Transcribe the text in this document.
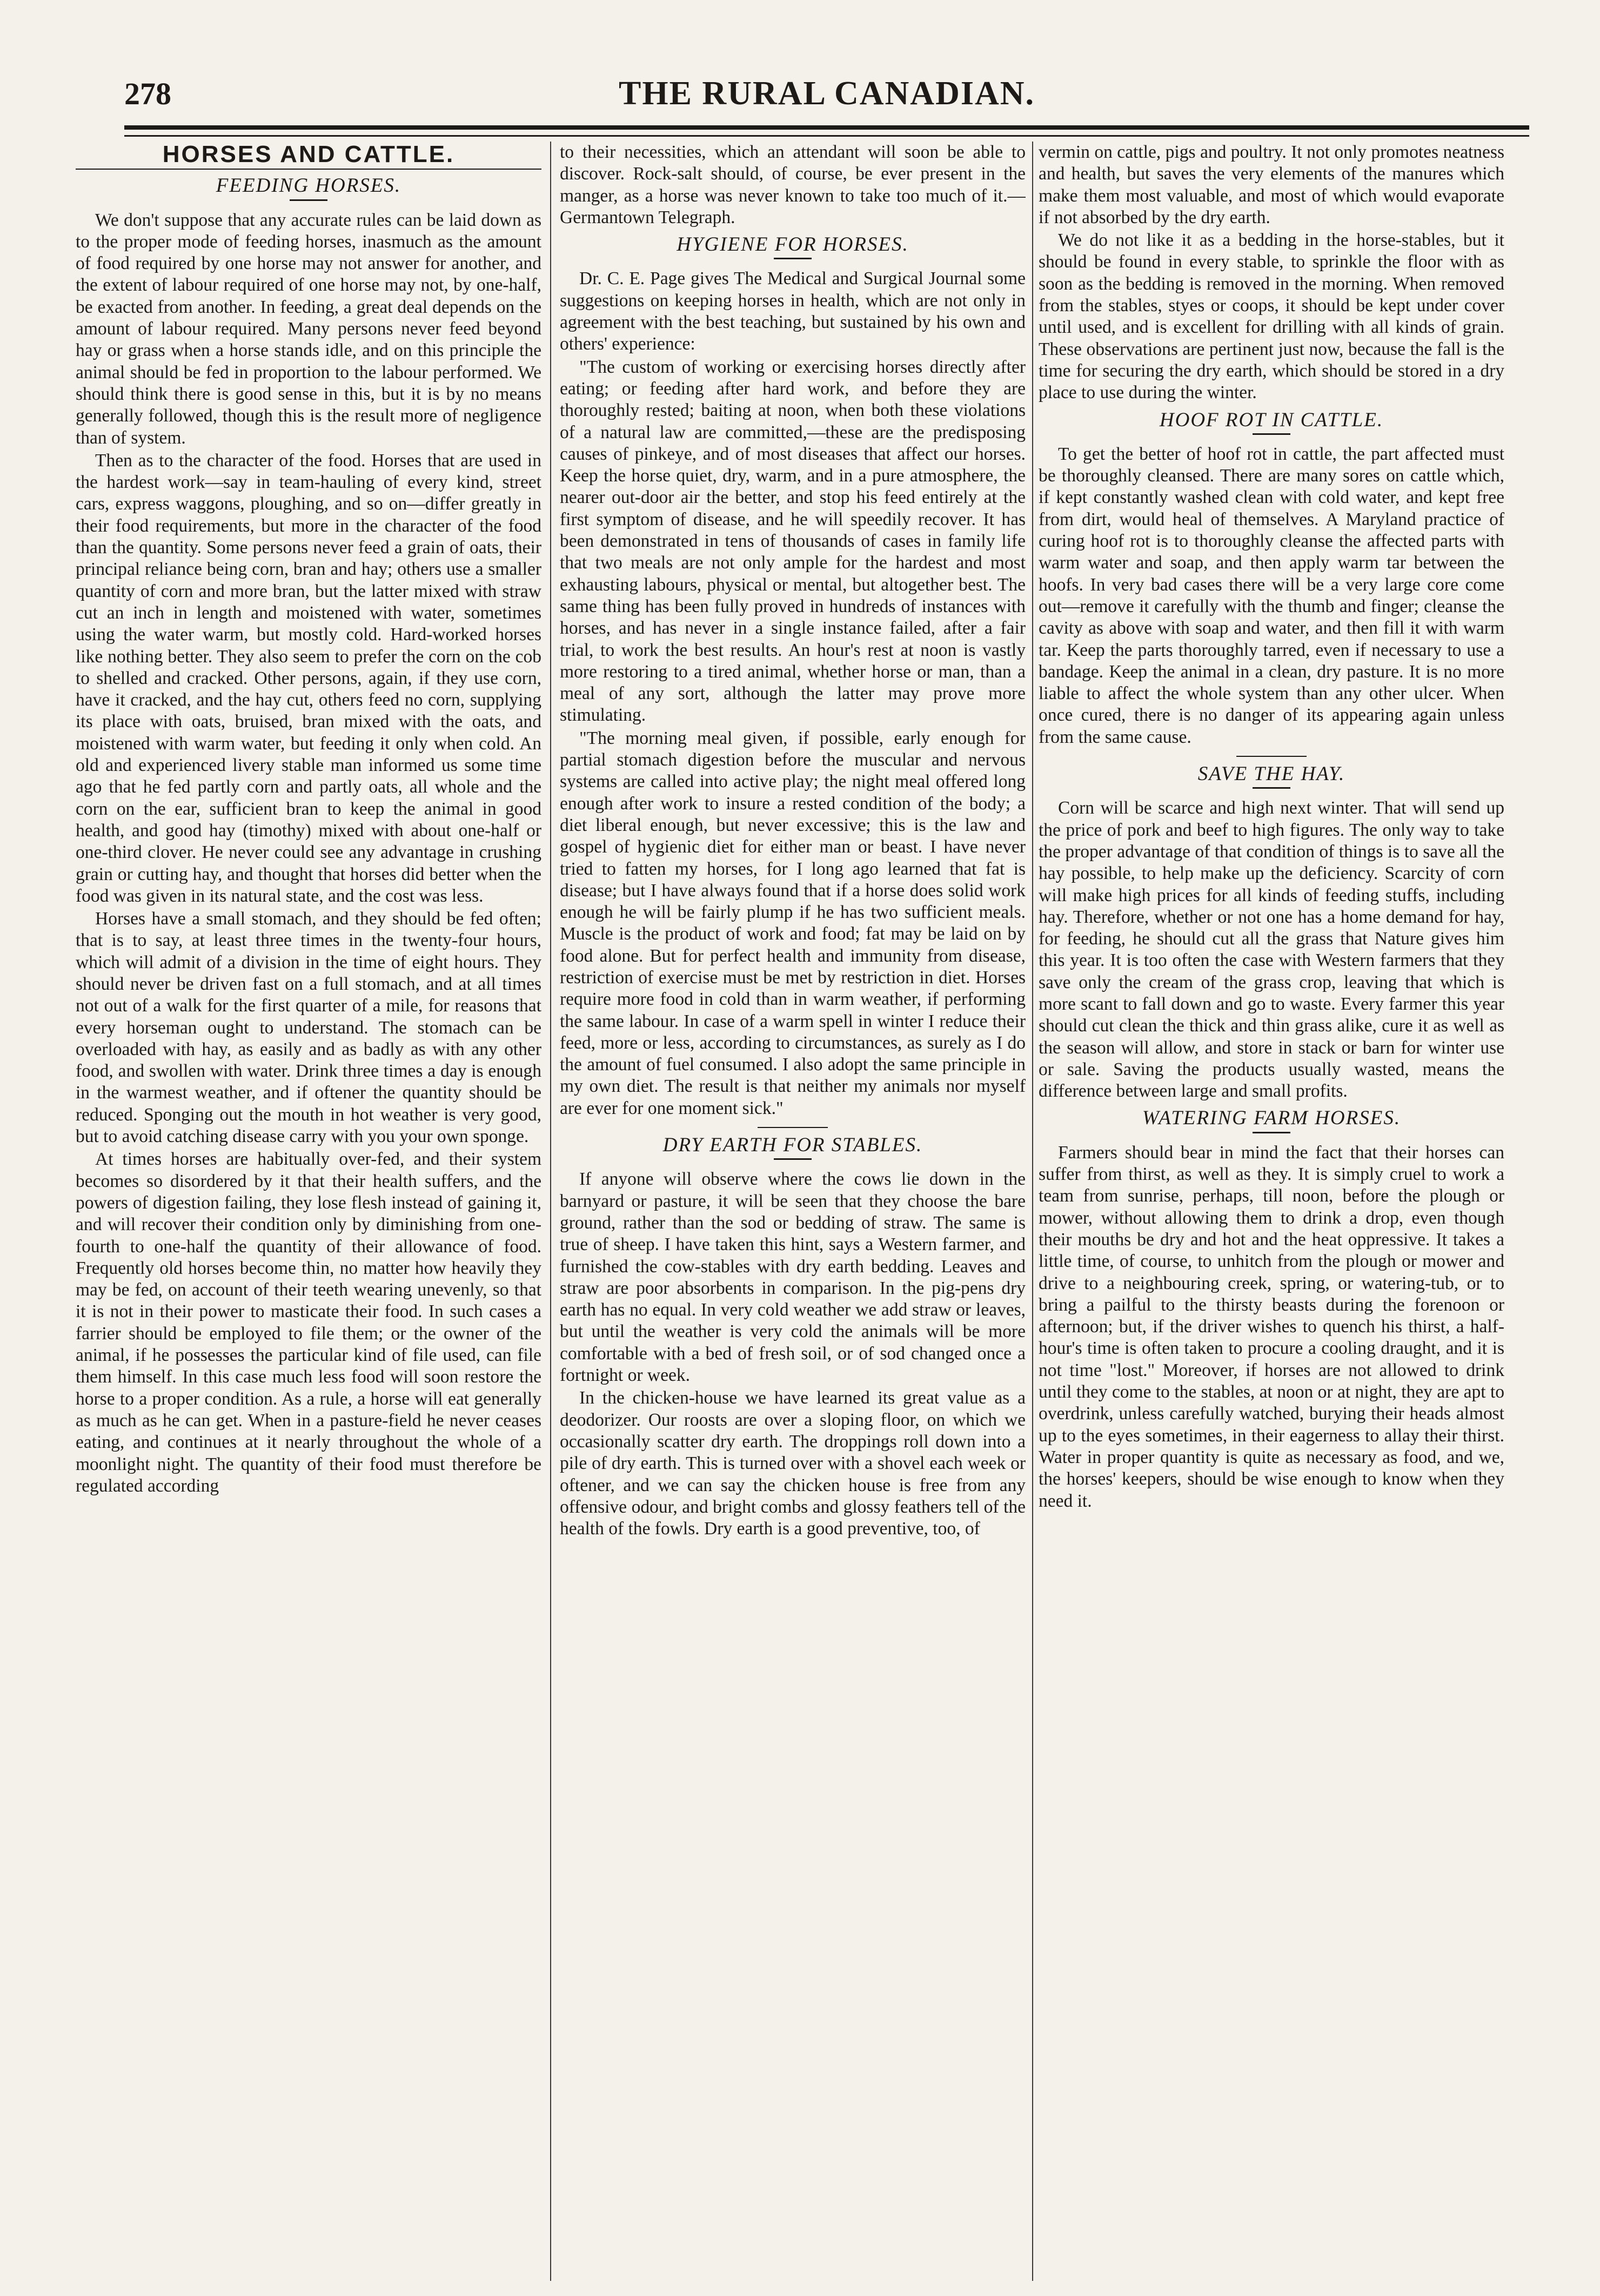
278	THE RURAL CANADIAN.
HORSES AND CATTLE.
FEEDING HORSES.

We don't suppose that any accurate rules can be laid down as to the proper mode of feeding horses, inasmuch as the amount of food required by one horse may not answer for another, and the extent of labour required of one horse may not, by one-half, be exacted from another. In feeding, a great deal depends on the amount of labour required. Many persons never feed beyond hay or grass when a horse stands idle, and on this principle the animal should be fed in proportion to the labour performed. We should think there is good sense in this, but it is by no means generally followed, though this is the result more of negligence than of system.

Then as to the character of the food. Horses that are used in the hardest work—say in team-hauling of every kind, street cars, express waggons, ploughing, and so on—differ greatly in their food requirements, but more in the character of the food than the quantity. Some persons never feed a grain of oats, their principal reliance being corn, bran and hay; others use a smaller quantity of corn and more bran, but the latter mixed with straw cut an inch in length and moistened with water, sometimes using the water warm, but mostly cold. Hard-worked horses like nothing better. They also seem to prefer the corn on the cob to shelled and cracked. Other persons, again, if they use corn, have it cracked, and the hay cut, others feed no corn, supplying its place with oats, bruised, bran mixed with the oats, and moistened with warm water, but feeding it only when cold. An old and experienced livery stable man informed us some time ago that he fed partly corn and partly oats, all whole and the corn on the ear, sufficient bran to keep the animal in good health, and good hay (timothy) mixed with about one-half or one-third clover. He never could see any advantage in crushing grain or cutting hay, and thought that horses did better when the food was given in its natural state, and the cost was less.

Horses have a small stomach, and they should be fed often; that is to say, at least three times in the twenty-four hours, which will admit of a division in the time of eight hours. They should never be driven fast on a full stomach, and at all times not out of a walk for the first quarter of a mile, for reasons that every horseman ought to understand. The stomach can be overloaded with hay, as easily and as badly as with any other food, and swollen with water. Drink three times a day is enough in the warmest weather, and if oftener the quantity should be reduced. Sponging out the mouth in hot weather is very good, but to avoid catching disease carry with you your own sponge.

At times horses are habitually over-fed, and their system becomes so disordered by it that their health suffers, and the powers of digestion failing, they lose flesh instead of gaining it, and will recover their condition only by diminishing from one-fourth to one-half the quantity of their allowance of food. Frequently old horses become thin, no matter how heavily they may be fed, on account of their teeth wearing unevenly, so that it is not in their power to masticate their food. In such cases a farrier should be employed to file them; or the owner of the animal, if he possesses the particular kind of file used, can file them himself. In this case much less food will soon restore the horse to a proper condition. As a rule, a horse will eat generally as much as he can get. When in a pasture-field he never ceases eating, and continues at it nearly throughout the whole of a moonlight night. The quantity of their food must therefore be regulated according

to their necessities, which an attendant will soon be able to discover. Rock-salt should, of course, be ever present in the manger, as a horse was never known to take too much of it.—Germantown Telegraph.

HYGIENE FOR HORSES.

Dr. C. E. Page gives The Medical and Surgical Journal some suggestions on keeping horses in health, which are not only in agreement with the best teaching, but sustained by his own and others' experience:

"The custom of working or exercising horses directly after eating; or feeding after hard work, and before they are thoroughly rested; baiting at noon, when both these violations of a natural law are committed,—these are the predisposing causes of pinkeye, and of most diseases that affect our horses. Keep the horse quiet, dry, warm, and in a pure atmosphere, the nearer out-door air the better, and stop his feed entirely at the first symptom of disease, and he will speedily recover. It has been demonstrated in tens of thousands of cases in family life that two meals are not only ample for the hardest and most exhausting labours, physical or mental, but altogether best. The same thing has been fully proved in hundreds of instances with horses, and has never in a single instance failed, after a fair trial, to work the best results. An hour's rest at noon is vastly more restoring to a tired animal, whether horse or man, than a meal of any sort, although the latter may prove more stimulating.

"The morning meal given, if possible, early enough for partial stomach digestion before the muscular and nervous systems are called into active play; the night meal offered long enough after work to insure a rested condition of the body; a diet liberal enough, but never excessive; this is the law and gospel of hygienic diet for either man or beast. I have never tried to fatten my horses, for I long ago learned that fat is disease; but I have always found that if a horse does solid work enough he will be fairly plump if he has two sufficient meals. Muscle is the product of work and food; fat may be laid on by food alone. But for perfect health and immunity from disease, restriction of exercise must be met by restriction in diet. Horses require more food in cold than in warm weather, if performing the same labour. In case of a warm spell in winter I reduce their feed, more or less, according to circumstances, as surely as I do the amount of fuel consumed. I also adopt the same principle in my own diet. The result is that neither my animals nor myself are ever for one moment sick."

DRY EARTH FOR STABLES.

If anyone will observe where the cows lie down in the barnyard or pasture, it will be seen that they choose the bare ground, rather than the sod or bedding of straw. The same is true of sheep. I have taken this hint, says a Western farmer, and furnished the cow-stables with dry earth bedding. Leaves and straw are poor absorbents in comparison. In the pig-pens dry earth has no equal. In very cold weather we add straw or leaves, but until the weather is very cold the animals will be more comfortable with a bed of fresh soil, or of sod changed once a fortnight or week.

In the chicken-house we have learned its great value as a deodorizer. Our roosts are over a sloping floor, on which we occasionally scatter dry earth. The droppings roll down into a pile of dry earth. This is turned over with a shovel each week or oftener, and we can say the chicken house is free from any offensive odour, and bright combs and glossy feathers tell of the health of the fowls. Dry earth is a good preventive, too, of

vermin on cattle, pigs and poultry. It not only promotes neatness and health, but saves the very elements of the manures which make them most valuable, and most of which would evaporate if not absorbed by the dry earth.

We do not like it as a bedding in the horse-stables, but it should be found in every stable, to sprinkle the floor with as soon as the bedding is removed in the morning. When removed from the stables, styes or coops, it should be kept under cover until used, and is excellent for drilling with all kinds of grain. These observations are pertinent just now, because the fall is the time for securing the dry earth, which should be stored in a dry place to use during the winter.

HOOF ROT IN CATTLE.

To get the better of hoof rot in cattle, the part affected must be thoroughly cleansed. There are many sores on cattle which, if kept constantly washed clean with cold water, and kept free from dirt, would heal of themselves. A Maryland practice of curing hoof rot is to thoroughly cleanse the affected parts with warm water and soap, and then apply warm tar between the hoofs. In very bad cases there will be a very large core come out—remove it carefully with the thumb and finger; cleanse the cavity as above with soap and water, and then fill it with warm tar. Keep the parts thoroughly tarred, even if necessary to use a bandage. Keep the animal in a clean, dry pasture. It is no more liable to affect the whole system than any other ulcer. When once cured, there is no danger of its appearing again unless from the same cause.

SAVE THE HAY.

Corn will be scarce and high next winter. That will send up the price of pork and beef to high figures. The only way to take the proper advantage of that condition of things is to save all the hay possible, to help make up the deficiency. Scarcity of corn will make high prices for all kinds of feeding stuffs, including hay. Therefore, whether or not one has a home demand for hay, for feeding, he should cut all the grass that Nature gives him this year. It is too often the case with Western farmers that they save only the cream of the grass crop, leaving that which is more scant to fall down and go to waste. Every farmer this year should cut clean the thick and thin grass alike, cure it as well as the season will allow, and store in stack or barn for winter use or sale. Saving the products usually wasted, means the difference between large and small profits.

WATERING FARM HORSES.

Farmers should bear in mind the fact that their horses can suffer from thirst, as well as they. It is simply cruel to work a team from sunrise, perhaps, till noon, before the plough or mower, without allowing them to drink a drop, even though their mouths be dry and hot and the heat oppressive. It takes a little time, of course, to unhitch from the plough or mower and drive to a neighbouring creek, spring, or watering-tub, or to bring a pailful to the thirsty beasts during the forenoon or afternoon; but, if the driver wishes to quench his thirst, a half-hour's time is often taken to procure a cooling draught, and it is not time "lost." Moreover, if horses are not allowed to drink until they come to the stables, at noon or at night, they are apt to overdrink, unless carefully watched, burying their heads almost up to the eyes sometimes, in their eagerness to allay their thirst. Water in proper quantity is quite as necessary as food, and we, the horses' keepers, should be wise enough to know when they need it.
